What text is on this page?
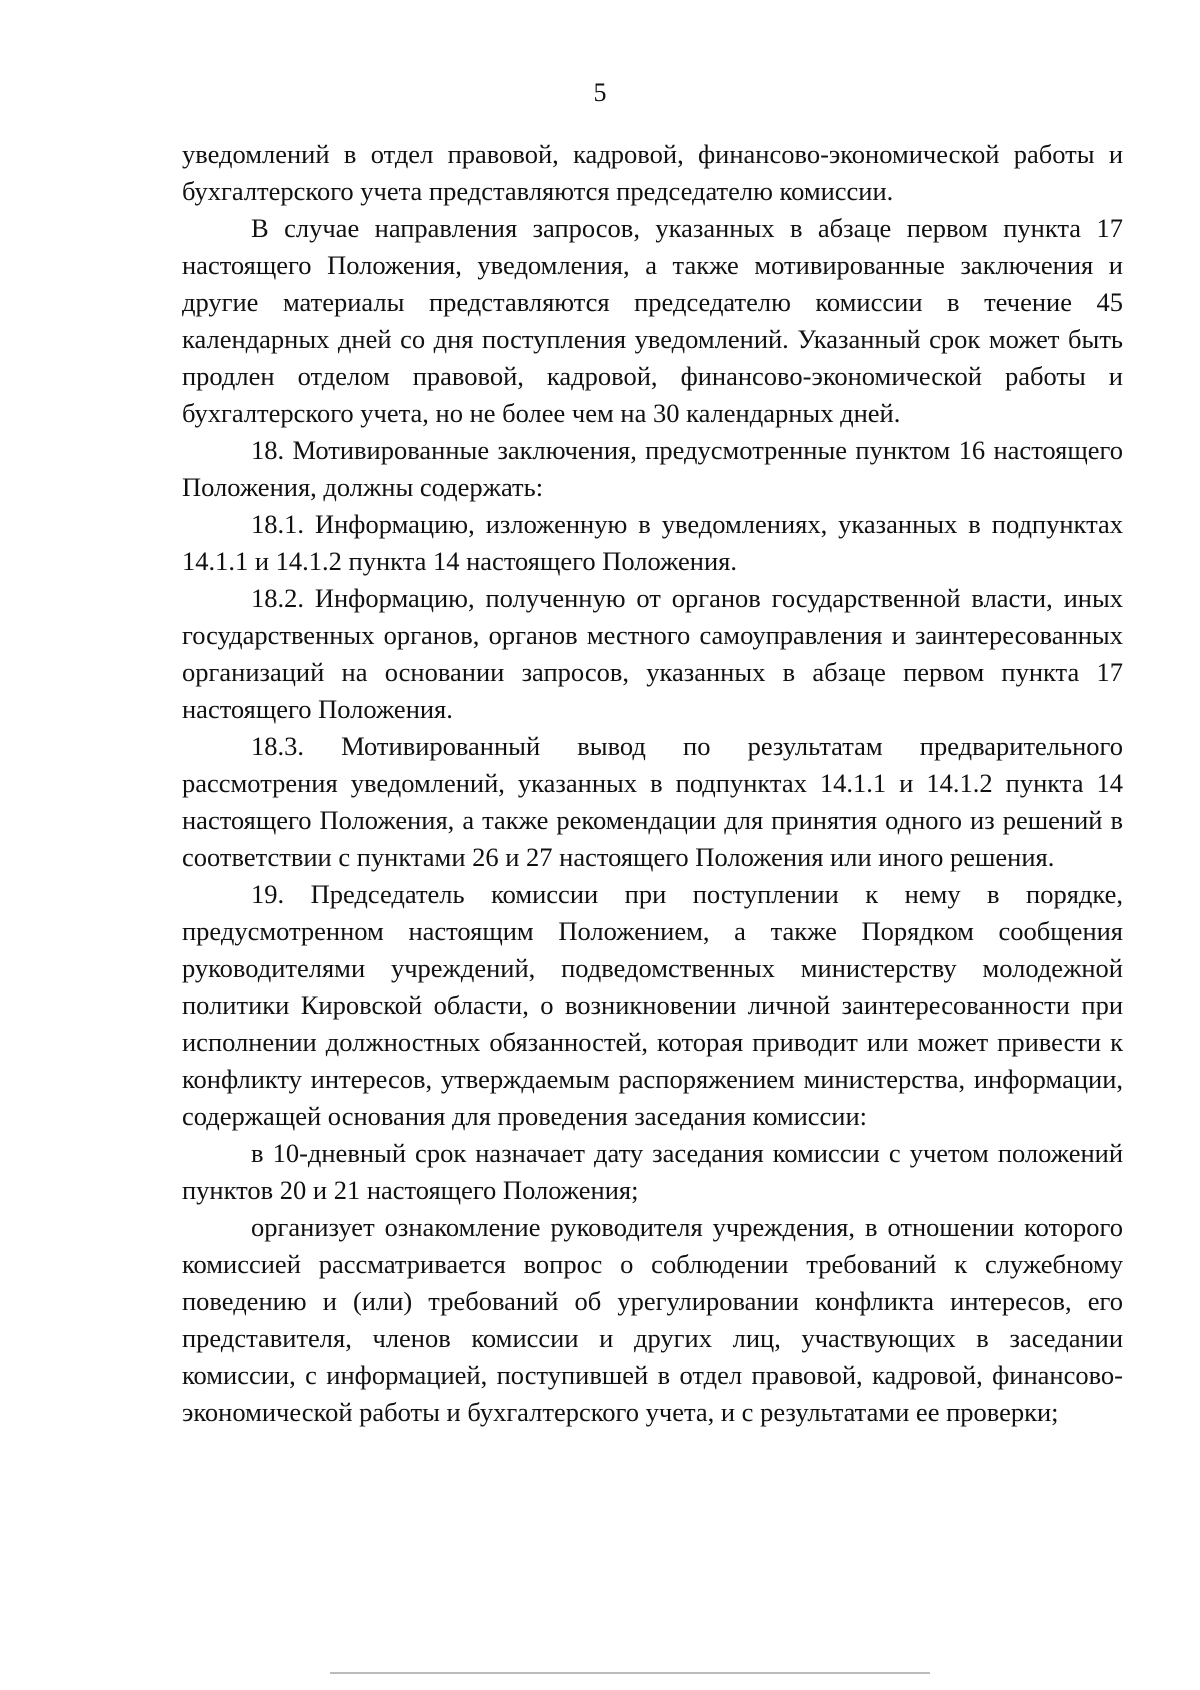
5

уведомлений в отдел правовой, кадровой, финансово-экономической работы и бухгалтерского учета представляются председателю комиссии.

В случае направления запросов, указанных в абзаце первом пункта 17 настоящего Положения, уведомления, а также мотивированные заключения и другие материалы представляются председателю комиссии в течение 45 календарных дней со дня поступления уведомлений. Указанный срок может быть продлен отделом правовой, кадровой, финансово-экономической работы и бухгалтерского учета, но не более чем на 30 календарных дней.

18. Мотивированные заключения, предусмотренные пунктом 16 настоящего Положения, должны содержать:

18.1. Информацию, изложенную в уведомлениях, указанных в подпунктах 14.1.1 и 14.1.2 пункта 14 настоящего Положения.

18.2. Информацию, полученную от органов государственной власти, иных государственных органов, органов местного самоуправления и заинтересованных организаций на основании запросов, указанных в абзаце первом пункта 17 настоящего Положения.

18.3. Мотивированный вывод по результатам предварительного рассмотрения уведомлений, указанных в подпунктах 14.1.1 и 14.1.2 пункта 14 настоящего Положения, а также рекомендации для принятия одного из решений в соответствии с пунктами 26 и 27 настоящего Положения или иного решения.

19. Председатель комиссии при поступлении к нему в порядке, предусмотренном настоящим Положением, а также Порядком сообщения руководителями учреждений, подведомственных министерству молодежной политики Кировской области, о возникновении личной заинтересованности при исполнении должностных обязанностей, которая приводит или может привести к конфликту интересов, утверждаемым распоряжением министерства, информации, содержащей основания для проведения заседания комиссии:

в 10-дневный срок назначает дату заседания комиссии с учетом положений пунктов 20 и 21 настоящего Положения;

организует ознакомление руководителя учреждения, в отношении которого комиссией рассматривается вопрос о соблюдении требований к служебному поведению и (или) требований об урегулировании конфликта интересов, его представителя, членов комиссии и других лиц, участвующих в заседании комиссии, с информацией, поступившей в отдел правовой, кадровой, финансово-экономической работы и бухгалтерского учета, и с результатами ее проверки;
